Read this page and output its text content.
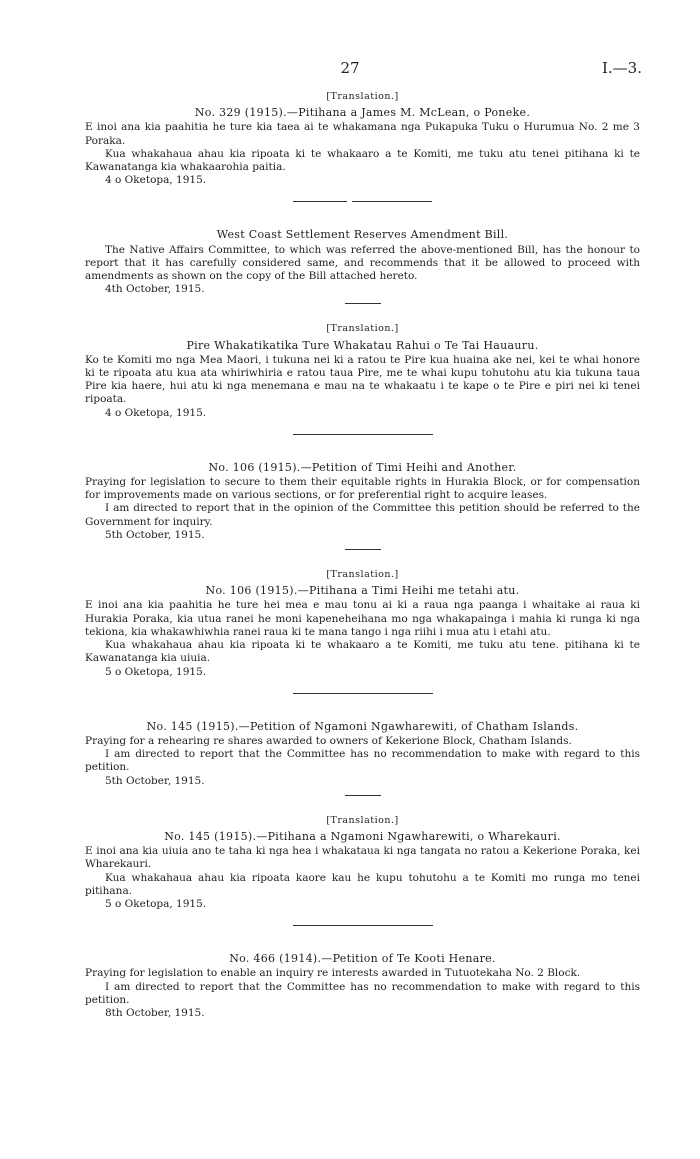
27	I.—3.
[Translation.]
No. 329 (1915).—Pitihana a James M. McLean, o Poneke.

E inoi ana kia paahitia he ture kia taea ai te whakamana nga Pukapuka Tuku o Hurumua No. 2 me 3 Poraka.

Kua whakahaua ahau kia ripoata ki te whakaaro a te Komiti, me tuku atu tenei pitihana ki te Kawanatanga kia whakaarohia paitia.

4 o Oketopa, 1915.

West Coast Settlement Reserves Amendment Bill.

The Native Affairs Committee, to which was referred the above-mentioned Bill, has the honour to report that it has carefully considered same, and recommends that it be allowed to proceed with amendments as shown on the copy of the Bill attached hereto.

4th October, 1915.

[Translation.]
Pire Whakatikatika Ture Whakatau Rahui o Te Tai Hauauru.

Ko te Komiti mo nga Mea Maori, i tukuna nei ki a ratou te Pire kua huaina ake nei, kei te whai honore ki te ripoata atu kua ata whiriwhiria e ratou taua Pire, me te whai kupu tohutohu atu kia tukuna taua Pire kia haere, hui atu ki nga menemana e mau na te whakaatu i te kape o te Pire e piri nei ki tenei ripoata.

4 o Oketopa, 1915.

No. 106 (1915).—Petition of Timi Heihi and Another.

Praying for legislation to secure to them their equitable rights in Hurakia Block, or for compensation for improvements made on various sections, or for preferential right to acquire leases.

I am directed to report that in the opinion of the Committee this petition should be referred to the Government for inquiry.

5th October, 1915.

[Translation.]
No. 106 (1915).—Pitihana a Timi Heihi me tetahi atu.

E inoi ana kia paahitia he ture hei mea e mau tonu ai ki a raua nga paanga i whaitake ai raua ki Hurakia Poraka, kia utua ranei he moni kapeneheihana mo nga whakapainga i mahia ki runga ki nga tekiona, kia whakawhiwhia ranei raua ki te mana tango i nga riihi i mua atu i etahi atu.

Kua whakahaua ahau kia ripoata ki te whakaaro a te Komiti, me tuku atu tene. pitihana ki te Kawanatanga kia uiuia.

5 o Oketopa, 1915.

No. 145 (1915).—Petition of Ngamoni Ngawharewiti, of Chatham Islands.

Praying for a rehearing re shares awarded to owners of Kekerione Block, Chatham Islands.

I am directed to report that the Committee has no recommendation to make with regard to this petition.

5th October, 1915.

[Translation.]
No. 145 (1915).—Pitihana a Ngamoni Ngawharewiti, o Wharekauri.

E inoi ana kia uiuia ano te taha ki nga hea i whakataua ki nga tangata no ratou a Kekerione Poraka, kei Wharekauri.

Kua whakahaua ahau kia ripoata kaore kau he kupu tohutohu a te Komiti mo runga mo tenei pitihana.

5 o Oketopa, 1915.

No. 466 (1914).—Petition of Te Kooti Henare.

Praying for legislation to enable an inquiry re interests awarded in Tutuotekaha No. 2 Block.

I am directed to report that the Committee has no recommendation to make with regard to this petition.

8th October, 1915.
